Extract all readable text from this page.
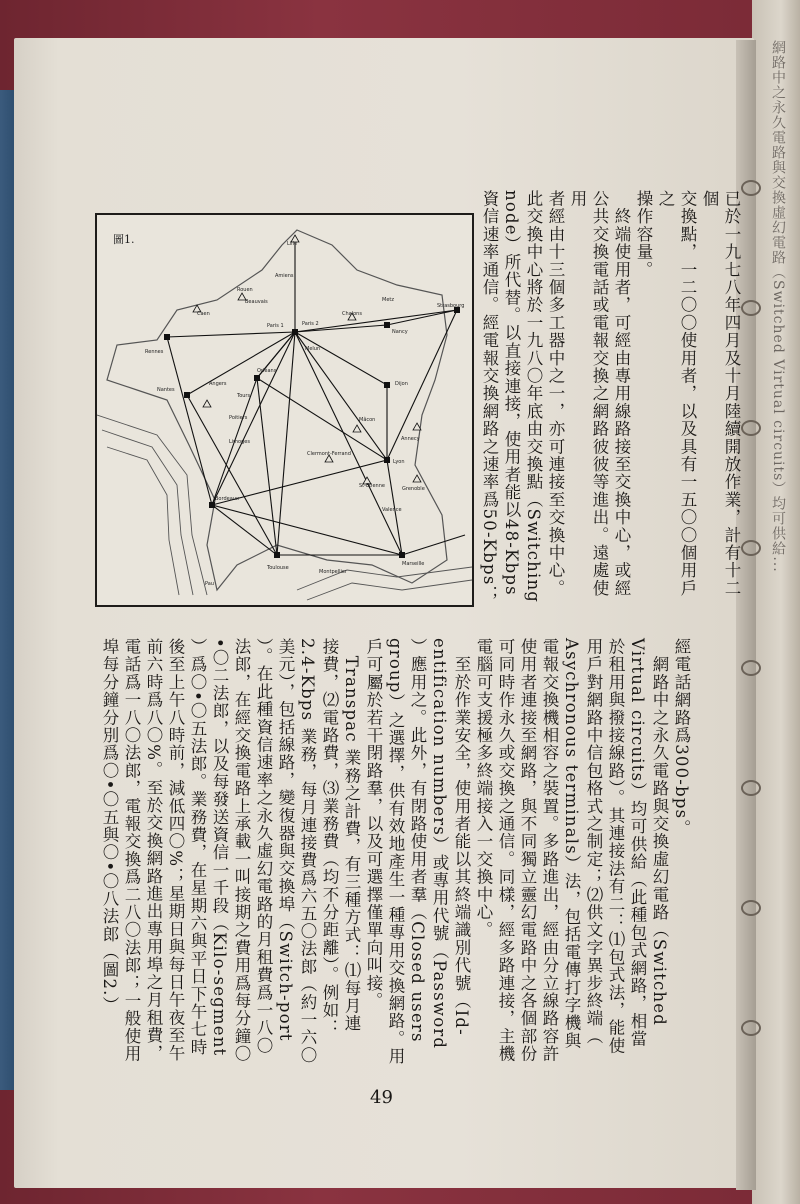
網路中之永久電路與交換虛幻電路（Switched Virtual circuits）均可供給...
已於一九七八年四月及十月陸續開放作業，計有十二個
交換點，一二〇〇使用者，以及具有一五〇〇個用戶之
操作容量。
　終端使用者，可經由專用線路接至交換中心，或經
公共交換電話或電報交換之網路彼彼等進出。遠處使用
者經由十三個多工器中之一，亦可連接至交換中心。
此交換中心將於一九八〇年底由交換點（Switching
node）所代替。以直接連接，使用者能以48-Kbps
資信速率通信。經電報交換網路之速率爲50-Kbps；
圖1.	Lille
Amiens
Rouen
Beauvais
Caen
Paris 1	Paris 2
Chalons
Metz
Strasbourg
Nancy
Rennes	Melun
Nantes
Angers
Orléans
Tours
Dijon
Poitiers
Limoges
Mâcon
Annecy
Clermont-Ferrand
Lyon
St-Etienne	Grenoble
Valence
Bordeaux
Montpellier
Marseille
Toulouse
Pau
經電話網路爲300-bps。
　網路中之永久電路與交換虛幻電路（Switched
Virtual circuits）均可供給（此種包式網路，相當
於租用與撥接線路）。其連接法有二：⑴包式法，能使
用戶對網路中信包格式之制定；⑵供文字異步終端（
Asychronous terminals）法，包括電傳打字機與
電報交換機相容之裝置。多路進出，經由分立線路容許
使用者連接至網路，與不同獨立靈幻電路中之各個部份
可同時作永久或交換之通信。同樣，經多路連接，主機
電腦可支援極多終端接入一交換中心。
　至於作業安全，使用者能以其終端識別代號（Id-
entification numbers）或專用代號（Password
）應用之。此外，有閉路使用者羣（Closed users
group）之選擇，供有效地產生一種專用交換網路。用
戶可屬於若干閉路羣，以及可選擇僅單向叫接。
　Transpac 業務之計費，有三種方式：⑴每月連
接費，⑵電路費，⑶業務費（均不分距離）。例如：
2.4-Kbps 業務，每月連接費爲六五〇法郎（約一六〇
美元），包括線路，變復器與交換埠（Switch-port
）。在此種資信速率之永久虛幻電路的月租費爲一八〇
法郎，在經交換電路上承載一叫接期之費用爲每分鐘〇
•〇二法郎，以及每發送資信一千段（Kilo-segment
）爲〇•〇五法郎。業務費，在星期六與平日下午七時
後至上午八時前，減低四〇%；星期日與每日午夜至午
前六時爲八〇%。至於交換網路進出專用埠之月租費，
電話爲一八〇法郎，電報交換爲二八〇法郎；一般使用
埠每分鐘分別爲〇•〇五與〇•〇八法郎（圖2.）
49
